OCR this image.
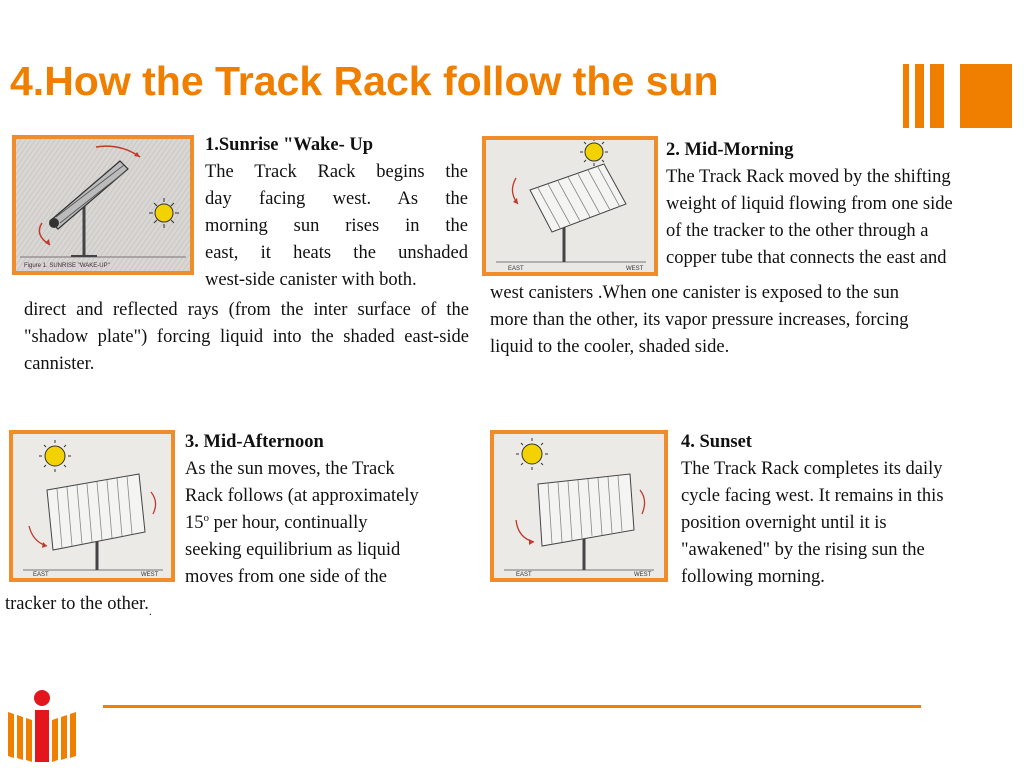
4.How the Track Rack follow the sun
Figure 1. SUNRISE "WAKE-UP"

1.Sunrise "Wake- Up

The Track Rack begins the

day facing west. As the

morning sun rises in the

east, it heats the unshaded

west-side canister with both.

direct and reflected rays (from the inter surface of the "shadow plate") forcing liquid into the shaded east-side cannister.

EAST	WEST

2. Mid-Morning

The Track Rack moved by the shifting

weight of liquid flowing from one side

of the tracker to the other through a

copper tube that connects the east and

west canisters .When one canister is exposed to the sun

more than the other, its vapor pressure increases, forcing

liquid to the cooler, shaded side.

EAST	WEST

3. Mid-Afternoon

As the sun moves, the Track

Rack follows (at approximately

15$^o$ per hour, continually

seeking equilibrium as liquid

moves from one side of the

tracker to the $other._.$

EAST	WEST

4. Sunset

The Track Rack completes its daily

cycle facing west. It remains in this

position overnight until it is

"awakened" by the rising sun the

following morning.
